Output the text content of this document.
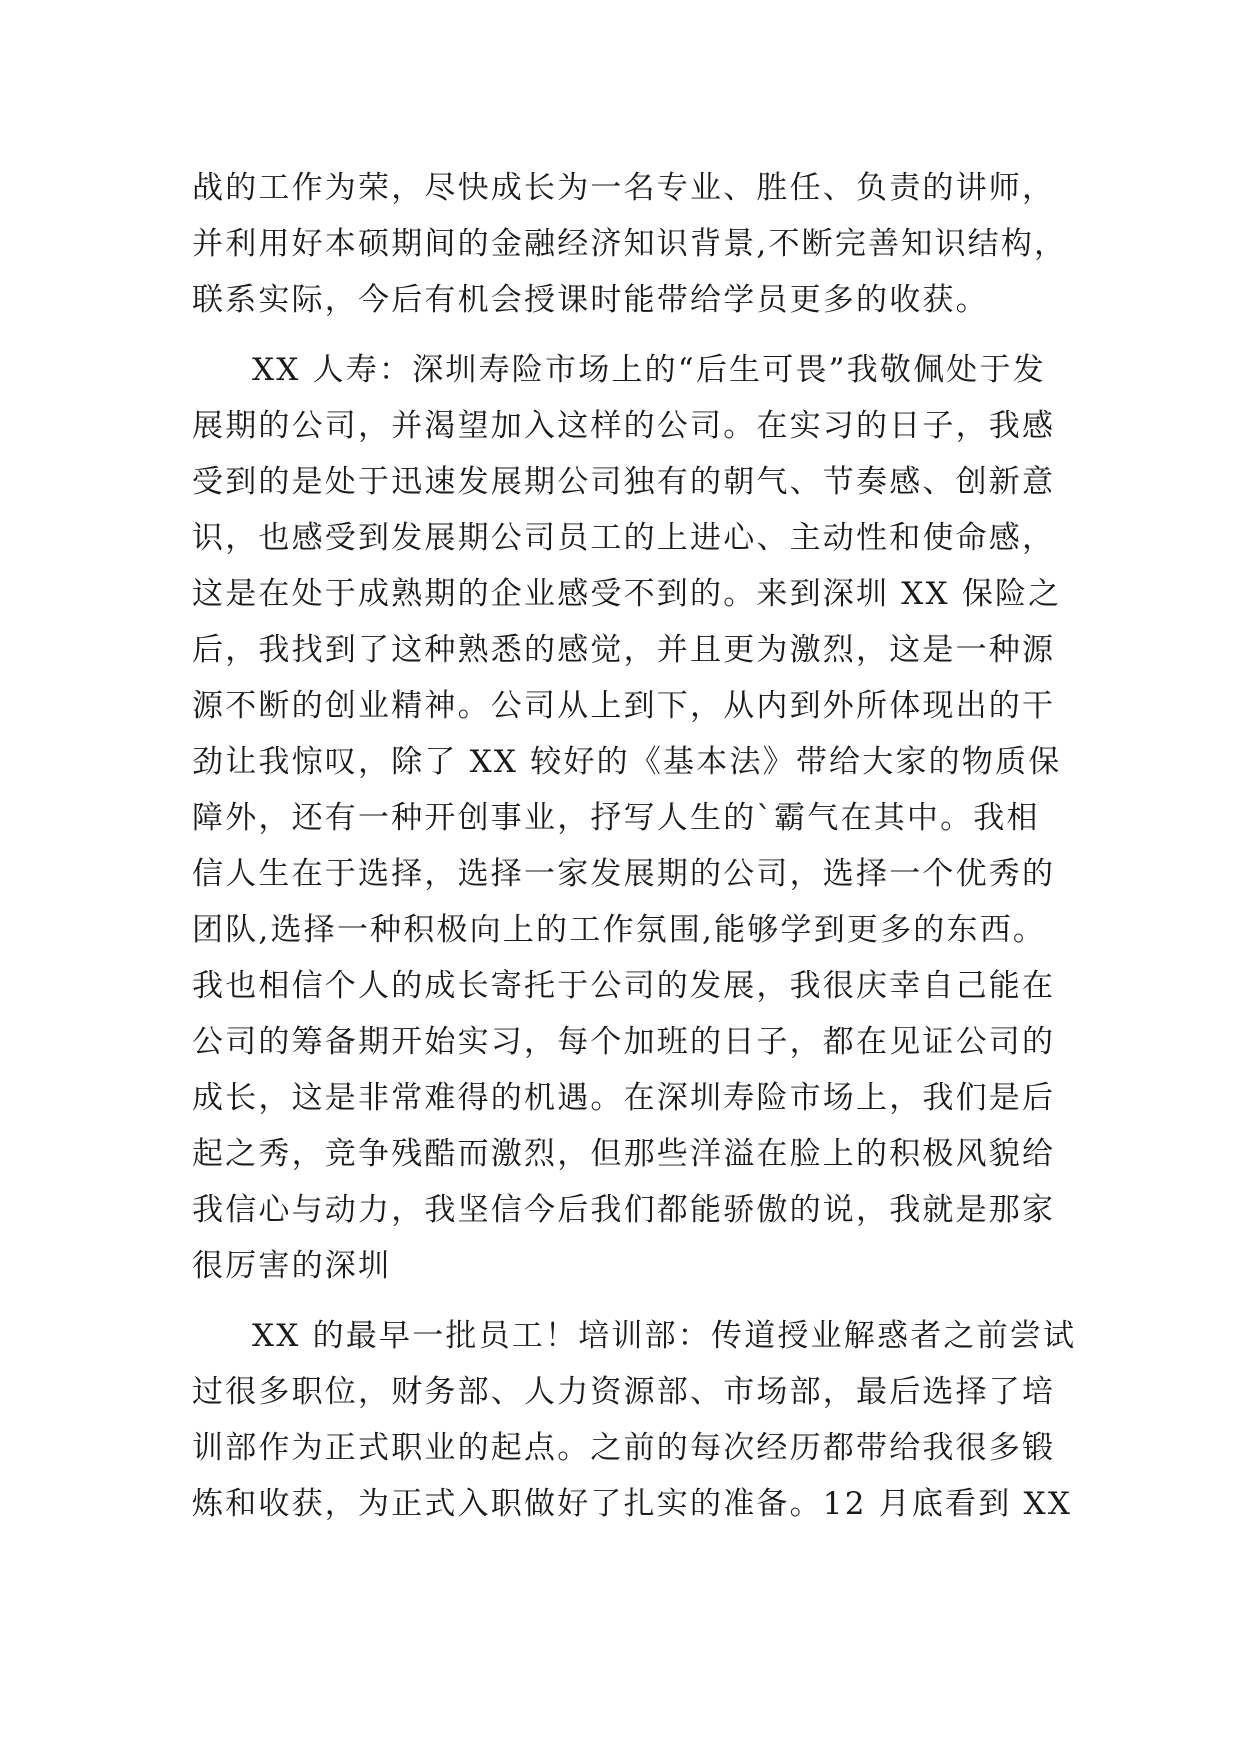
战的工作为荣，尽快成长为一名专业、胜任、负责的讲师，
并利用好本硕期间的金融经济知识背景,不断完善知识结构，
联系实际，今后有机会授课时能带给学员更多的收获。
XX 人寿：深圳寿险市场上的“后生可畏”我敬佩处于发
展期的公司，并渴望加入这样的公司。在实习的日子，我感
受到的是处于迅速发展期公司独有的朝气、节奏感、创新意
识，也感受到发展期公司员工的上进心、主动性和使命感，
这是在处于成熟期的企业感受不到的。来到深圳 XX 保险之
后，我找到了这种熟悉的感觉，并且更为激烈，这是一种源
源不断的创业精神。公司从上到下，从内到外所体现出的干
劲让我惊叹，除了 XX 较好的《基本法》带给大家的物质保
障外，还有一种开创事业，抒写人生的`霸气在其中。我相
信人生在于选择，选择一家发展期的公司，选择一个优秀的
团队,选择一种积极向上的工作氛围,能够学到更多的东西。
我也相信个人的成长寄托于公司的发展，我很庆幸自己能在
公司的筹备期开始实习，每个加班的日子，都在见证公司的
成长，这是非常难得的机遇。在深圳寿险市场上，我们是后
起之秀，竞争残酷而激烈，但那些洋溢在脸上的积极风貌给
我信心与动力，我坚信今后我们都能骄傲的说，我就是那家
很厉害的深圳
XX 的最早一批员工！培训部：传道授业解惑者之前尝试
过很多职位，财务部、人力资源部、市场部，最后选择了培
训部作为正式职业的起点。之前的每次经历都带给我很多锻
炼和收获，为正式入职做好了扎实的准备。12 月底看到 XX
